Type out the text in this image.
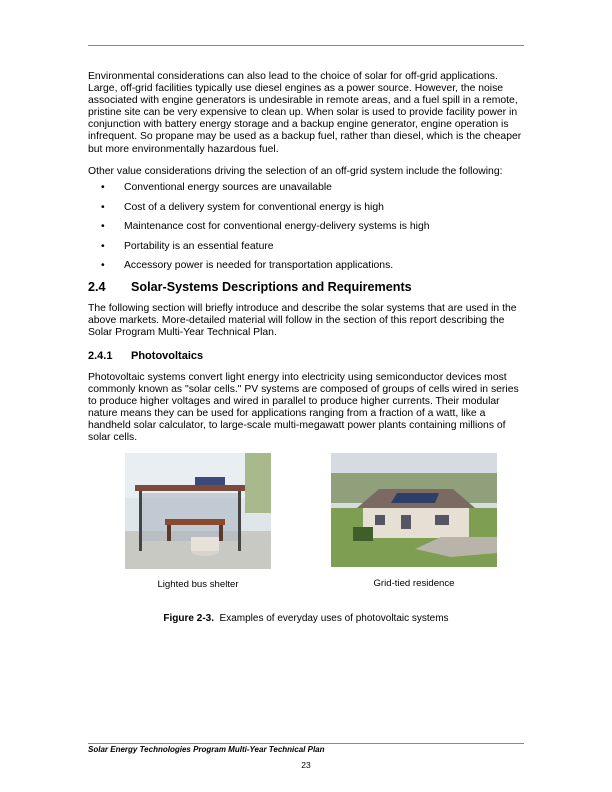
Environmental considerations can also lead to the choice of solar for off-grid applications. Large, off-grid facilities typically use diesel engines as a power source. However, the noise associated with engine generators is undesirable in remote areas, and a fuel spill in a remote, pristine site can be very expensive to clean up. When solar is used to provide facility power in conjunction with battery energy storage and a backup engine generator, engine operation is infrequent. So propane may be used as a backup fuel, rather than diesel, which is the cheaper but more environmentally hazardous fuel.

Other value considerations driving the selection of an off-grid system include the following:

• Conventional energy sources are unavailable
• Cost of a delivery system for conventional energy is high
• Maintenance cost for conventional energy-delivery systems is high
• Portability is an essential feature
• Accessory power is needed for transportation applications.
2.4 Solar-Systems Descriptions and Requirements

The following section will briefly introduce and describe the solar systems that are used in the above markets. More-detailed material will follow in the section of this report describing the Solar Program Multi-Year Technical Plan.

2.4.1 Photovoltaics

Photovoltaic systems convert light energy into electricity using semiconductor devices most commonly known as "solar cells." PV systems are composed of groups of cells wired in series to produce higher voltages and wired in parallel to produce higher currents. Their modular nature means they can be used for applications ranging from a fraction of a watt, like a handheld solar calculator, to large-scale multi-megawatt power plants containing millions of solar cells.

Lighted bus shelter	Grid-tied residence
Figure 2-3.  Examples of everyday uses of photovoltaic systems
Solar Energy Technologies Program Multi-Year Technical Plan
23
